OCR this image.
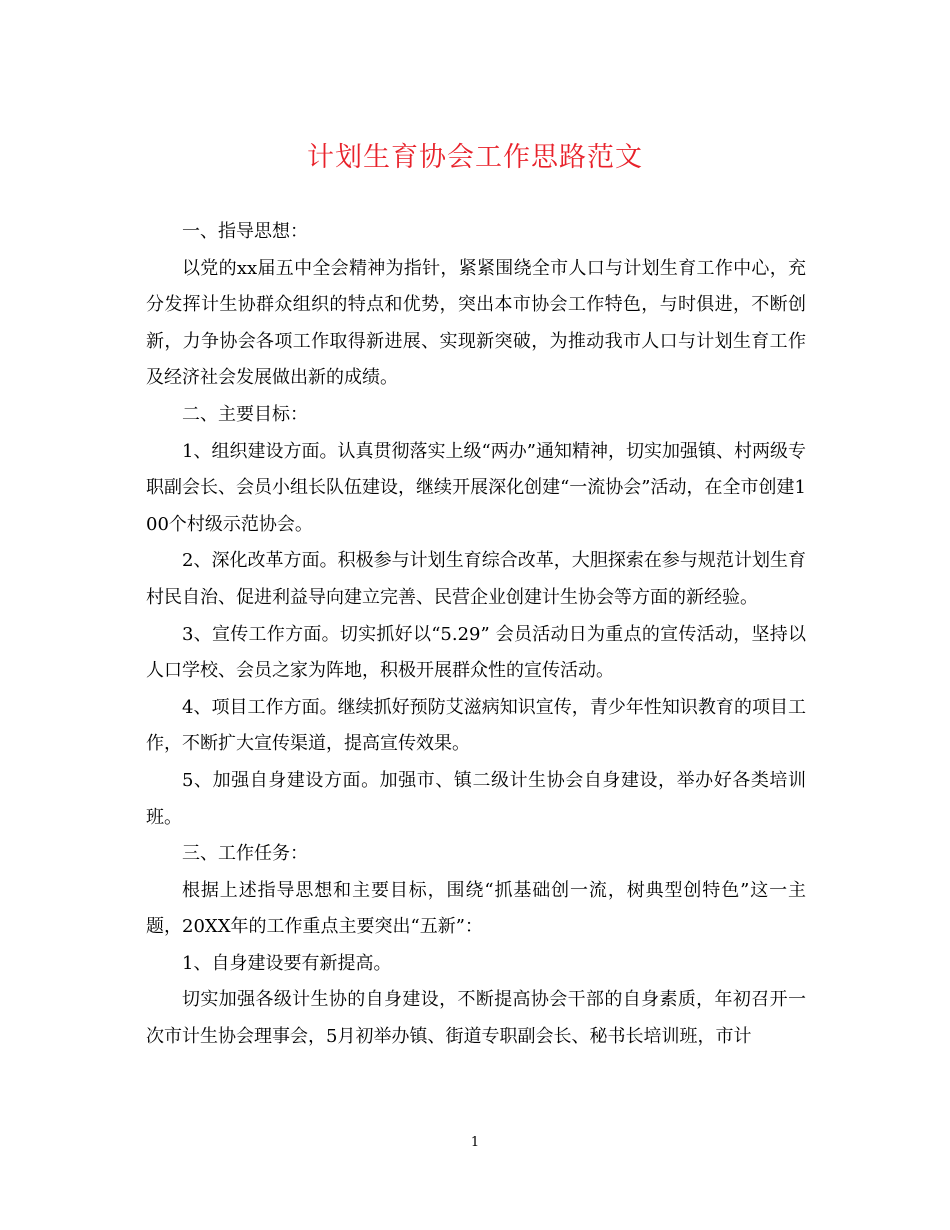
计划生育协会工作思路范文

一、指导思想：

以党的xx届五中全会精神为指针，紧紧围绕全市人口与计划生育工作中心，充分发挥计生协群众组织的特点和优势，突出本市协会工作特色，与时俱进，不断创新，力争协会各项工作取得新进展、实现新突破，为推动我市人口与计划生育工作及经济社会发展做出新的成绩。

二、主要目标：

1、组织建设方面。认真贯彻落实上级“两办”通知精神，切实加强镇、村两级专职副会长、会员小组长队伍建设，继续开展深化创建“一流协会”活动，在全市创建100个村级示范协会。

2、深化改革方面。积极参与计划生育综合改革，大胆探索在参与规范计划生育村民自治、促进利益导向建立完善、民营企业创建计生协会等方面的新经验。

3、宣传工作方面。切实抓好以“5.29” 会员活动日为重点的宣传活动，坚持以人口学校、会员之家为阵地，积极开展群众性的宣传活动。

4、项目工作方面。继续抓好预防艾滋病知识宣传，青少年性知识教育的项目工作，不断扩大宣传渠道，提高宣传效果。

5、加强自身建设方面。加强市、镇二级计生协会自身建设，举办好各类培训班。

三、工作任务：

根据上述指导思想和主要目标，围绕“抓基础创一流，树典型创特色”这一主题，20XX年的工作重点主要突出“五新”：

1、自身建设要有新提高。

切实加强各级计生协的自身建设，不断提高协会干部的自身素质，年初召开一次市计生协会理事会，5月初举办镇、街道专职副会长、秘书长培训班，市计

1
